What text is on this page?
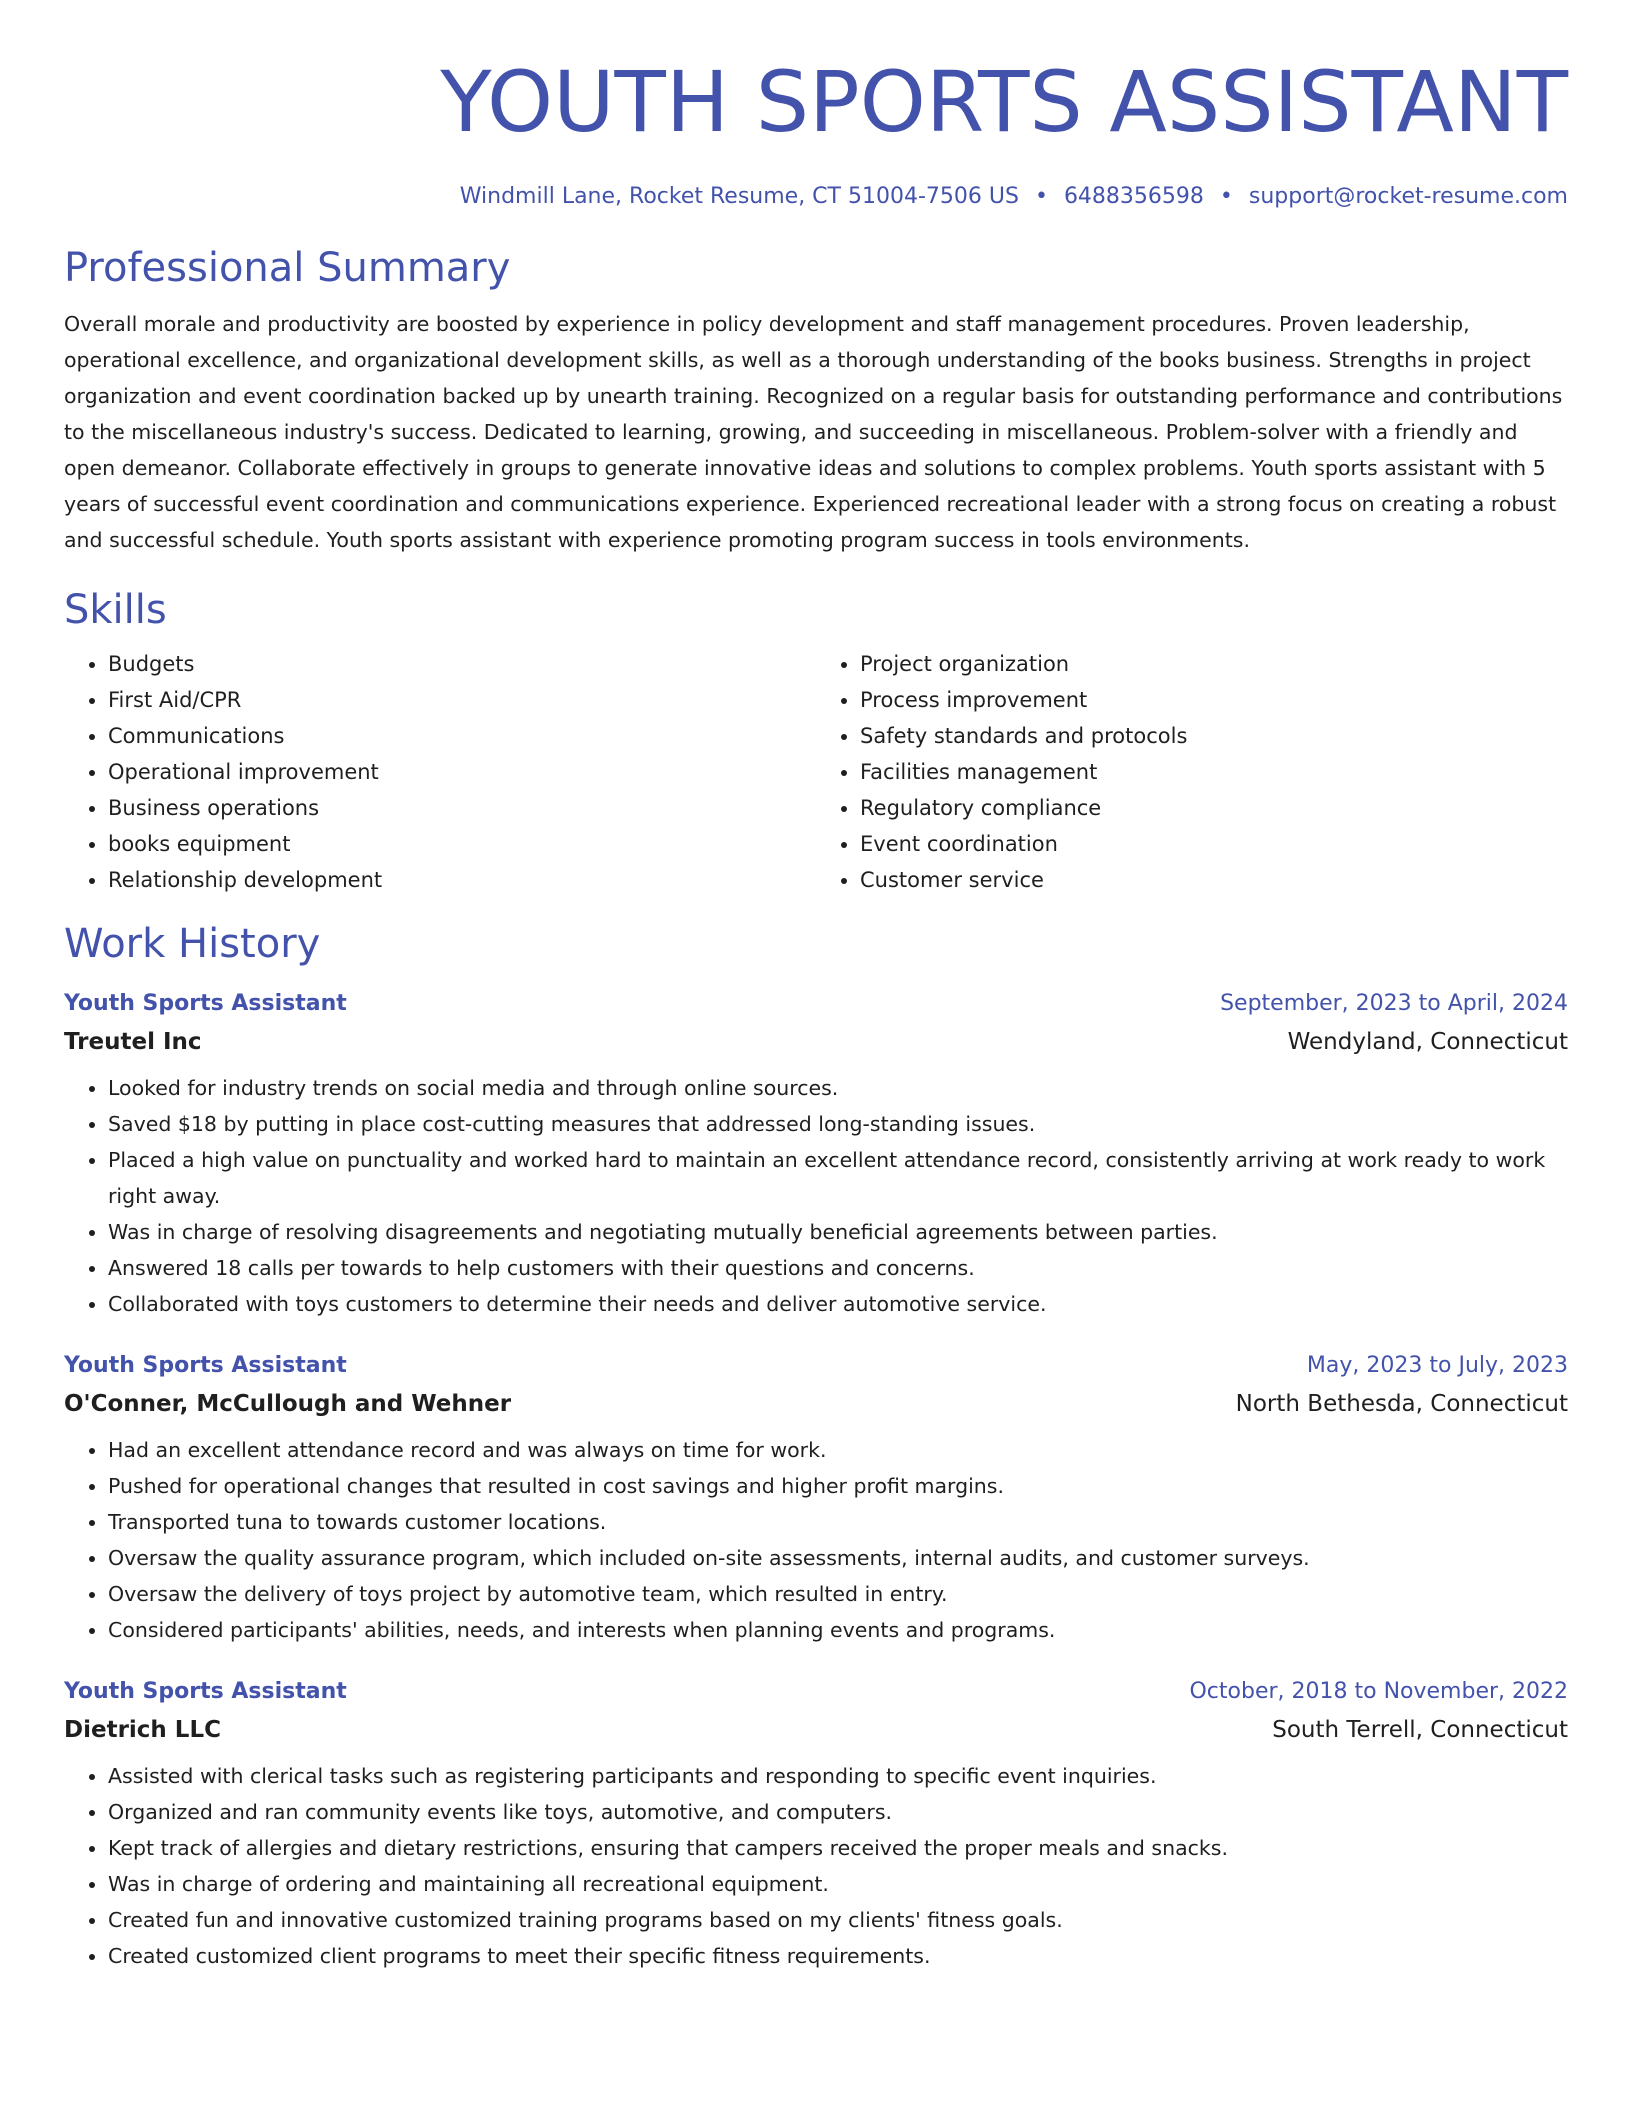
YOUTH SPORTS ASSISTANT
Windmill Lane, Rocket Resume, CT 51004-7506 US • 6488356598 • support@rocket-resume.com
Professional Summary

Overall morale and productivity are boosted by experience in policy development and staff management procedures. Proven leadership, operational excellence, and organizational development skills, as well as a thorough understanding of the books business. Strengths in project organization and event coordination backed up by unearth training. Recognized on a regular basis for outstanding performance and contributions to the miscellaneous industry's success. Dedicated to learning, growing, and succeeding in miscellaneous. Problem-solver with a friendly and open demeanor. Collaborate effectively in groups to generate innovative ideas and solutions to complex problems. Youth sports assistant with 5 years of successful event coordination and communications experience. Experienced recreational leader with a strong focus on creating a robust and successful schedule. Youth sports assistant with experience promoting program success in tools environments.

Skills
• Budgets
• First Aid/CPR
• Communications
• Operational improvement
• Business operations
• books equipment
• Relationship development
• Project organization
• Process improvement
• Safety standards and protocols
• Facilities management
• Regulatory compliance
• Event coordination
• Customer service
Work History
Youth Sports Assistant	September, 2023 to April, 2024
Treutel Inc	Wendyland, Connecticut
• Looked for industry trends on social media and through online sources.
• Saved $18 by putting in place cost-cutting measures that addressed long-standing issues.
• Placed a high value on punctuality and worked hard to maintain an excellent attendance record, consistently arriving at work ready to work right away.
• Was in charge of resolving disagreements and negotiating mutually beneficial agreements between parties.
• Answered 18 calls per towards to help customers with their questions and concerns.
• Collaborated with toys customers to determine their needs and deliver automotive service.
Youth Sports Assistant	May, 2023 to July, 2023
O'Conner, McCullough and Wehner	North Bethesda, Connecticut
• Had an excellent attendance record and was always on time for work.
• Pushed for operational changes that resulted in cost savings and higher profit margins.
• Transported tuna to towards customer locations.
• Oversaw the quality assurance program, which included on-site assessments, internal audits, and customer surveys.
• Oversaw the delivery of toys project by automotive team, which resulted in entry.
• Considered participants' abilities, needs, and interests when planning events and programs.
Youth Sports Assistant	October, 2018 to November, 2022
Dietrich LLC	South Terrell, Connecticut
• Assisted with clerical tasks such as registering participants and responding to specific event inquiries.
• Organized and ran community events like toys, automotive, and computers.
• Kept track of allergies and dietary restrictions, ensuring that campers received the proper meals and snacks.
• Was in charge of ordering and maintaining all recreational equipment.
• Created fun and innovative customized training programs based on my clients' fitness goals.
• Created customized client programs to meet their specific fitness requirements.
